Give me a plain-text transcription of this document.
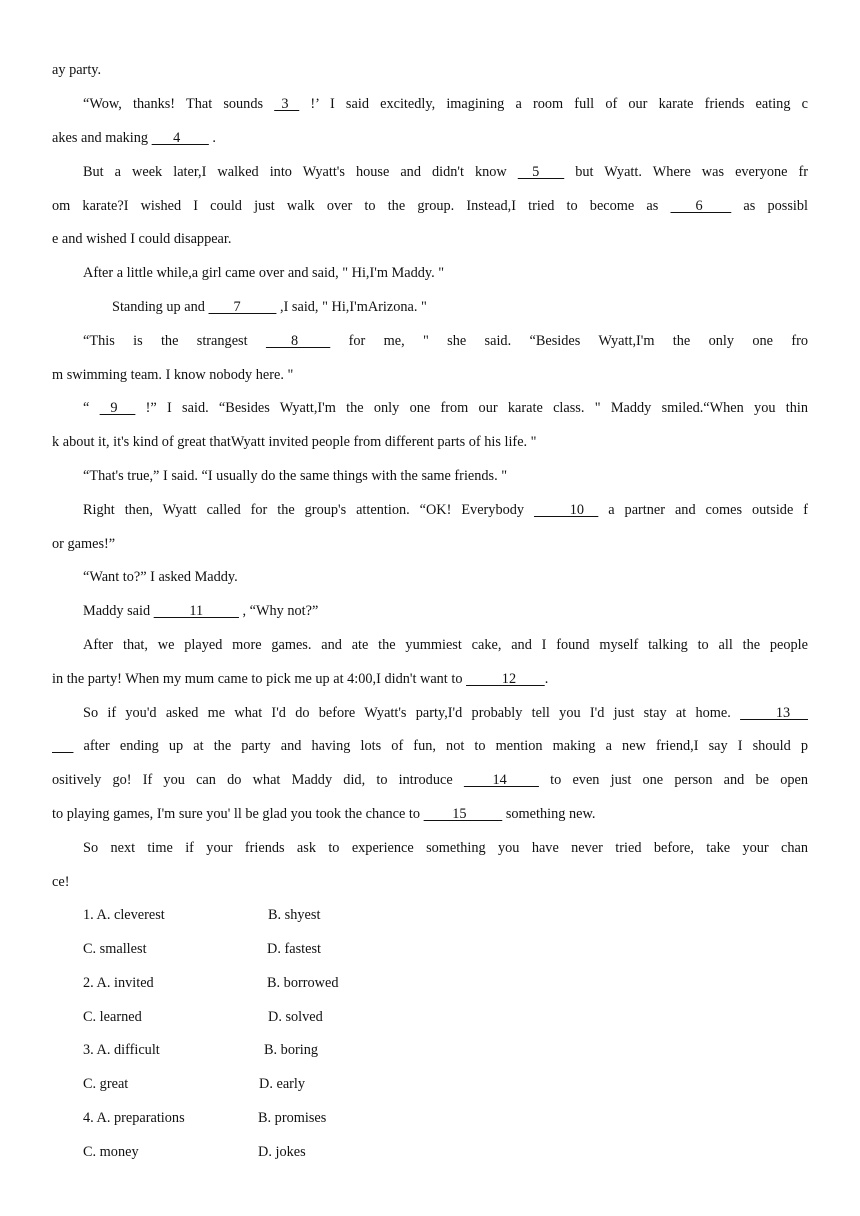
ay party.
“Wow, thanks! That sounds   3    !’ I said excitedly, imagining a room full of our karate friends eating c
akes and making       4         .
But a week later,I walked into Wyatt's house and didn't know     5        but Wyatt. Where was everyone fr
om karate?I wished I could just walk over to the group. Instead,I tried to become as        6         as possibl
e and wished I could disappear.
After a little while,a girl came over and said, " Hi,I'm Maddy. "
Standing up and        7           ,I said, " Hi,I'mArizona. "
“This is the strangest        8          for me, " she said. “Besides Wyatt,I'm the only one fro
m swimming team. I know nobody here. "
“    9      !” I said. “Besides Wyatt,I'm the only one from our karate class. " Maddy smiled.“When you thin
k about it, it's kind of great thatWyatt invited people from different parts of his life. "
“That's true,” I said. “I usually do the same things with the same friends. "
Right then, Wyatt called for the group's attention. “OK! Everybody           10     a partner and comes outside f
or games!”
“Want to?” I asked Maddy.
Maddy said           11           , “Why not?”
After that, we played more games. and ate the yummiest cake, and I found myself talking to all the people
in the party! When my mum came to pick me up at 4:00,I didn't want to           12        .
So if you'd asked me what I'd do before Wyatt's party,I'd probably tell you I'd just stay at home.           13
after ending up at the party and having lots of fun, not to mention making a new friend,I say I should p
ositively go! If you can do what Maddy did, to introduce         14          to even just one person and be open
to playing games, I'm sure you' ll be glad you took the chance to         15           something new.
So next time if your friends ask to experience something you have never tried before, take your chan
ce!
1. A. cleverest	B. shyest
C. smallest	D. fastest
2. A. invited	B. borrowed
C. learned	D. solved
3. A. difficult	B. boring
C. great	D. early
4. A. preparations	B. promises
C. money	D. jokes
